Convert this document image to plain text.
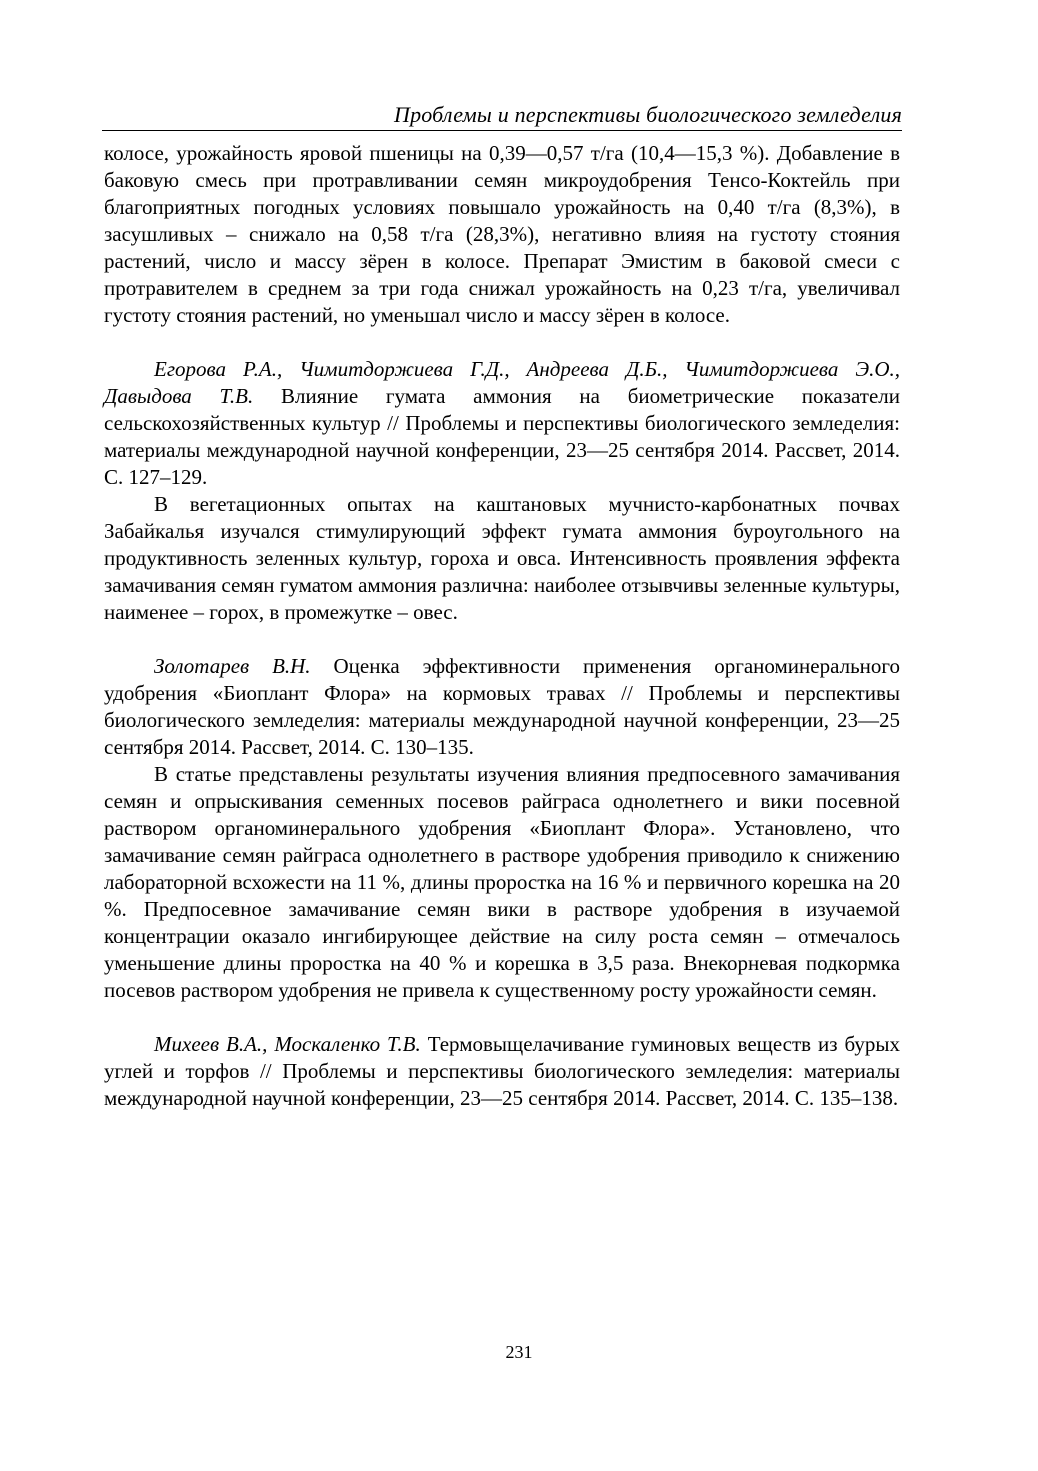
Проблемы и перспективы биологического земледелия

колосе, урожайность яровой пшеницы на 0,39—0,57 т/га (10,4—15,3 %). Добавление в баковую смесь при протравливании семян микроудобрения Тенсо-Коктейль при благоприятных погодных условиях повышало урожайность на 0,40 т/га (8,3%), в засушливых – снижало на 0,58 т/га (28,3%), негативно влияя на густоту стояния растений, число и массу зёрен в колосе. Препарат Эмистим в баковой смеси с протравителем в среднем за три года снижал урожайность на 0,23 т/га, увеличивал густоту стояния растений, но уменьшал число и массу зёрен в колосе.

Егорова Р.А., Чимитдоржиева Г.Д., Андреева Д.Б., Чимитдоржиева Э.О., Давыдова Т.В. Влияние гумата аммония на биометрические показатели сельскохозяйственных культур // Проблемы и перспективы биологического земледелия: материалы международной научной конференции, 23—25 сентября 2014. Рассвет, 2014. С. 127–129.

В вегетационных опытах на каштановых мучнисто-карбонатных почвах Забайкалья изучался стимулирующий эффект гумата аммония буроугольного на продуктивность зеленных культур, гороха и овса. Интенсивность проявления эффекта замачивания семян гуматом аммония различна: наиболее отзывчивы зеленные культуры, наименее – горох, в промежутке – овес.

Золотарев В.Н. Оценка эффективности применения органоминерального удобрения «Биоплант Флора» на кормовых травах // Проблемы и перспективы биологического земледелия: материалы международной научной конференции, 23—25 сентября 2014. Рассвет, 2014. С. 130–135.

В статье представлены результаты изучения влияния предпосевного замачивания семян и опрыскивания семенных посевов райграса однолетнего и вики посевной раствором органоминерального удобрения «Биоплант Флора». Установлено, что замачивание семян райграса однолетнего в растворе удобрения приводило к снижению лабораторной всхожести на 11 %, длины проростка на 16 % и первичного корешка на 20 %. Предпосевное замачивание семян вики в растворе удобрения в изучаемой концентрации оказало ингибирующее действие на силу роста семян – отмечалось уменьшение длины проростка на 40 % и корешка в 3,5 раза. Внекорневая подкормка посевов раствором удобрения не привела к существенному росту урожайности семян.

Михеев В.А., Москаленко Т.В. Термовыщелачивание гуминовых веществ из бурых углей и торфов // Проблемы и перспективы биологического земледелия: материалы международной научной конференции, 23—25 сентября 2014. Рассвет, 2014. С. 135–138.

231
